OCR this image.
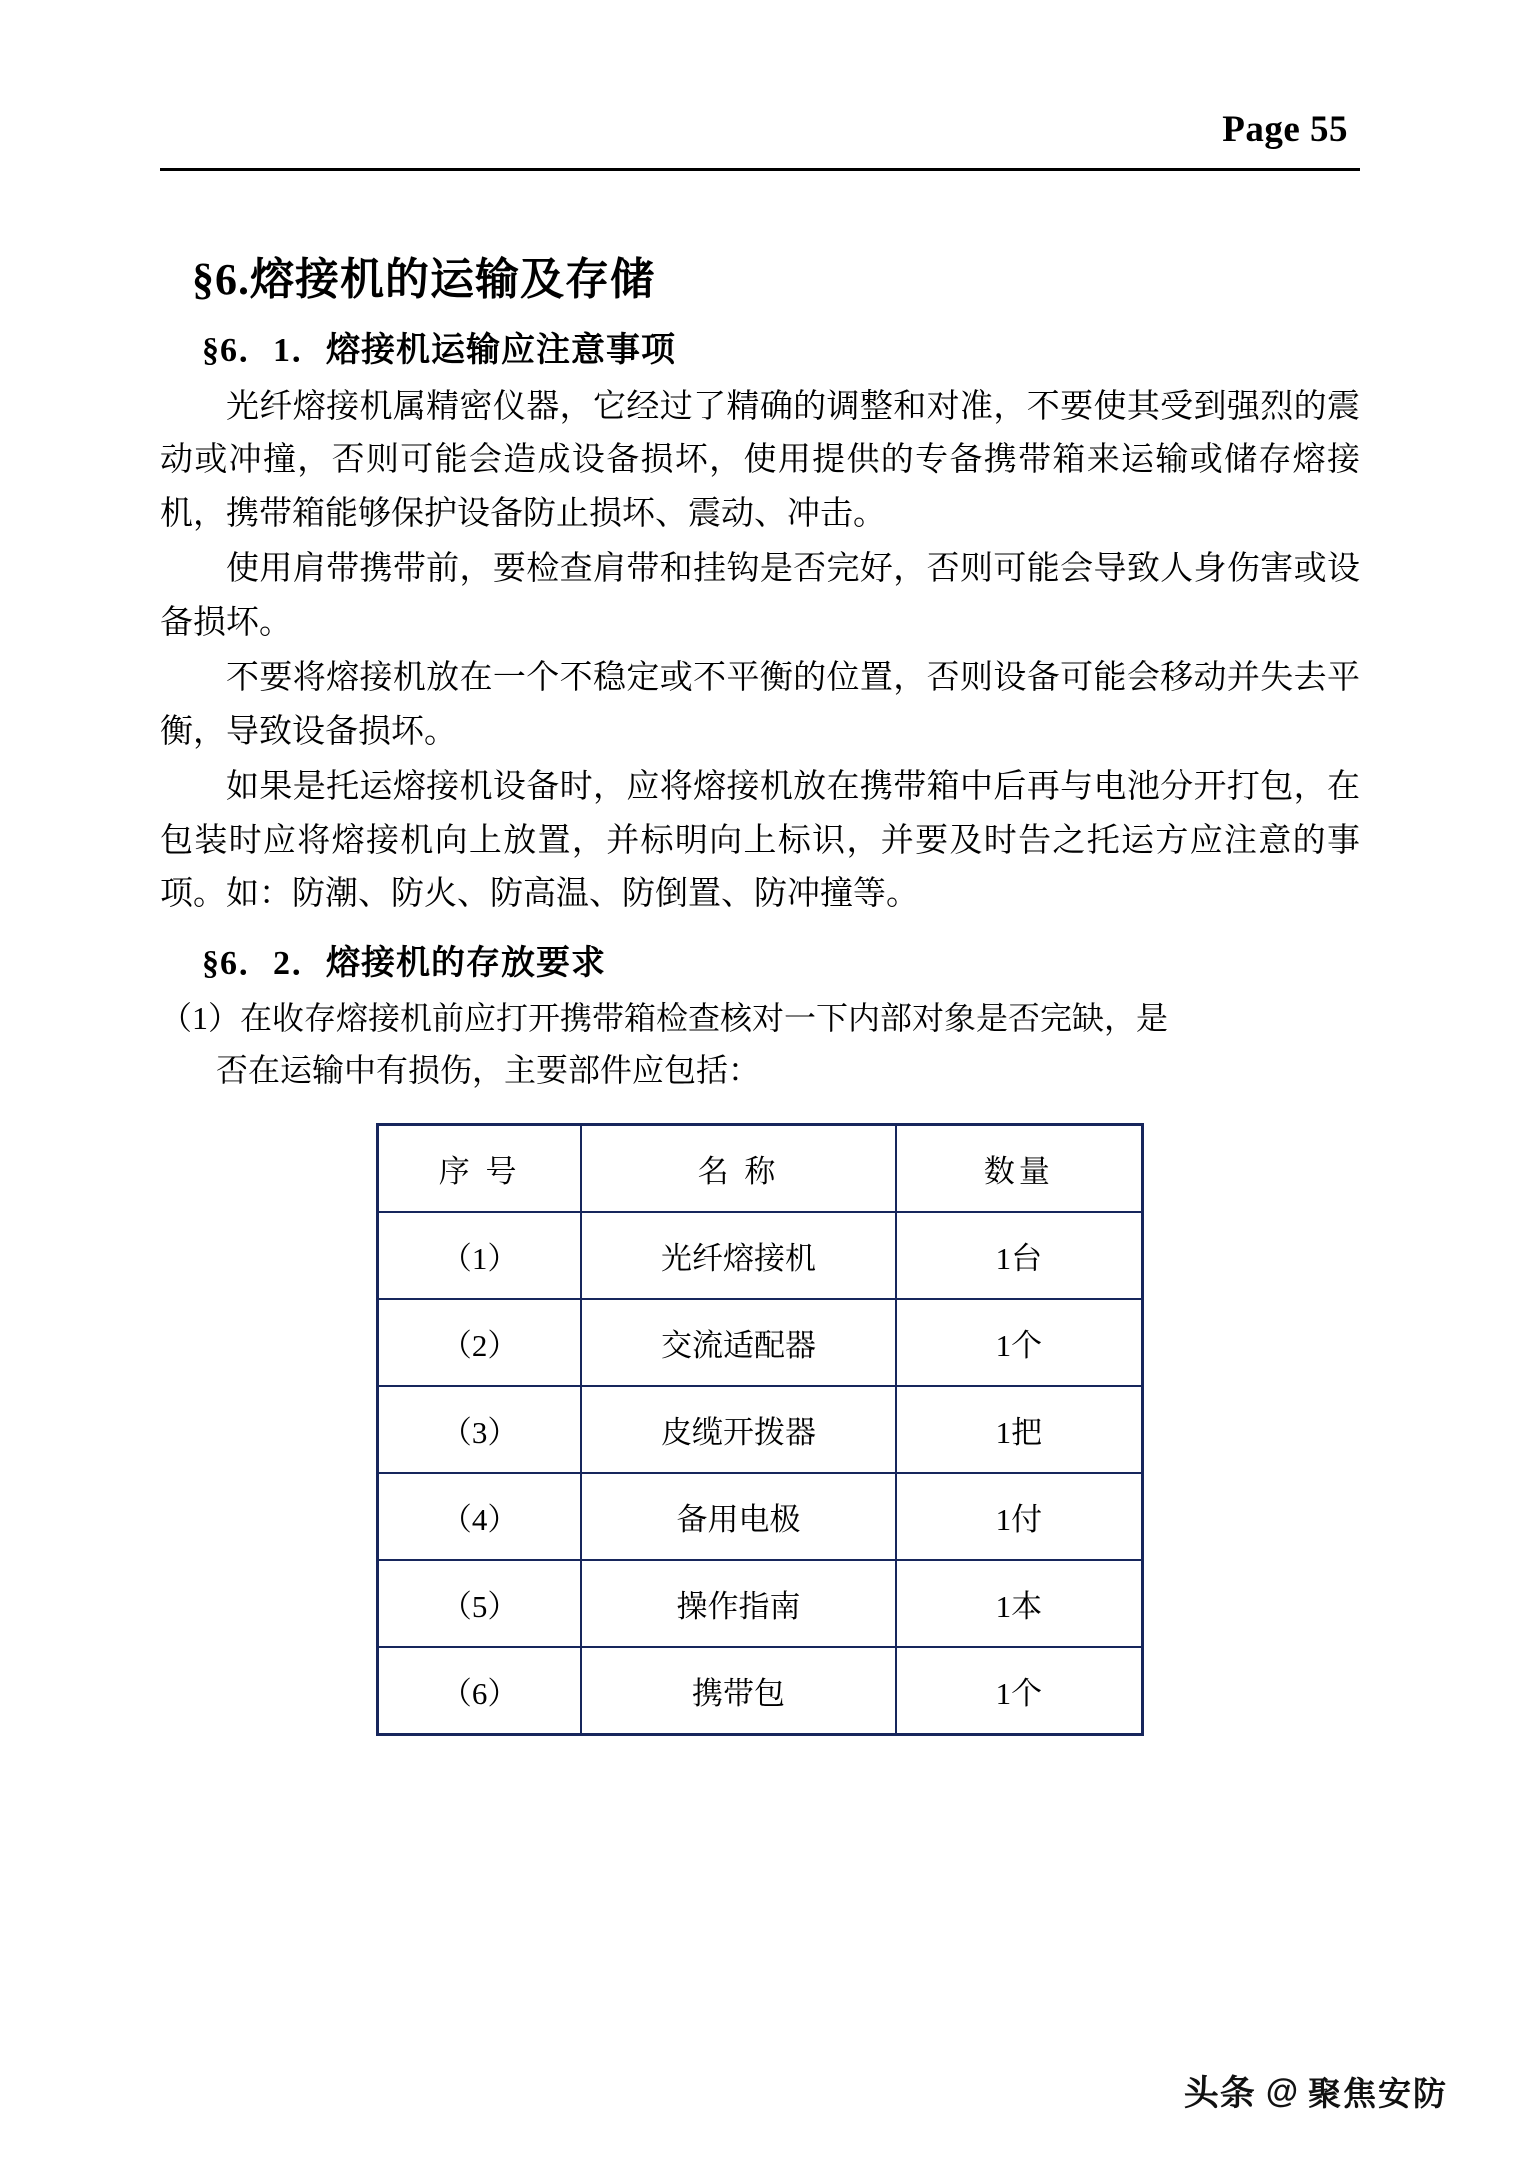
Page 55
§6.熔接机的运输及存储
§6．1．熔接机运输应注意事项

光纤熔接机属精密仪器，它经过了精确的调整和对准，不要使其受到强烈的震动或冲撞，否则可能会造成设备损坏，使用提供的专备携带箱来运输或储存熔接机，携带箱能够保护设备防止损坏、震动、冲击。

使用肩带携带前，要检查肩带和挂钩是否完好，否则可能会导致人身伤害或设备损坏。

不要将熔接机放在一个不稳定或不平衡的位置，否则设备可能会移动并失去平衡，导致设备损坏。

如果是托运熔接机设备时，应将熔接机放在携带箱中后再与电池分开打包，在包装时应将熔接机向上放置，并标明向上标识，并要及时告之托运方应注意的事项。如：防潮、防火、防高温、防倒置、防冲撞等。

§6．2．熔接机的存放要求

（1）在收存熔接机前应打开携带箱检查核对一下内部对象是否完缺，是
否在运输中有损伤，主要部件应包括：

序 号	名 称	数量
（1）	光纤熔接机	1台
（2）	交流适配器	1个
（3）	皮缆开拨器	1把
（4）	备用电极	1付
（5）	操作指南	1本
（6）	携带包	1个
头条 @ 聚焦安防
